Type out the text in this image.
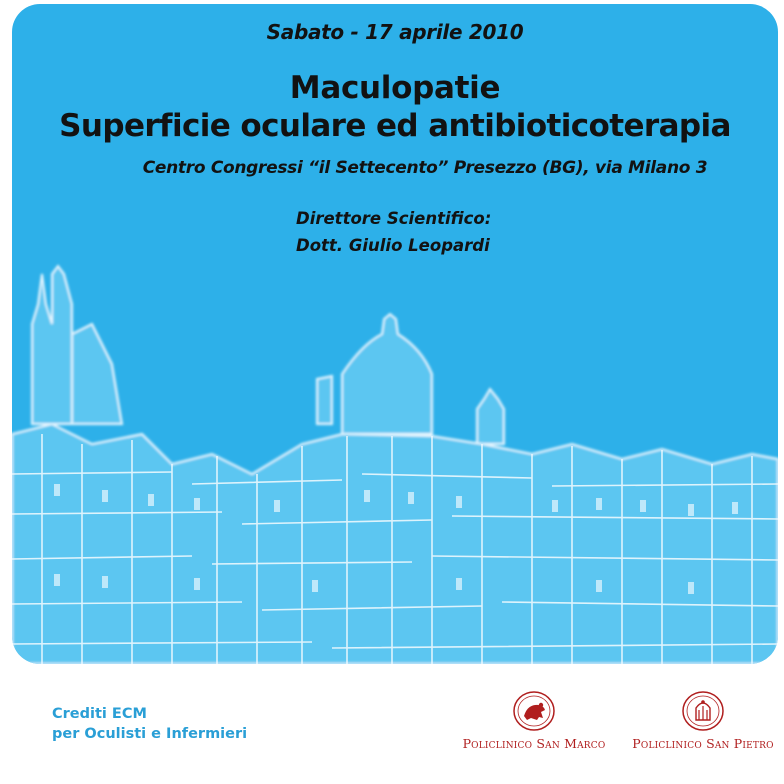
Sabato - 17 aprile 2010
Maculopatie
Superficie oculare ed antibioticoterapia
Centro Congressi “il Settecento” Presezzo (BG), via Milano 3
Direttore Scientifico:
Dott. Giulio Leopardi
Crediti ECM
per Oculisti e Infermieri
Policlinico San Marco	Policlinico San Pietro
